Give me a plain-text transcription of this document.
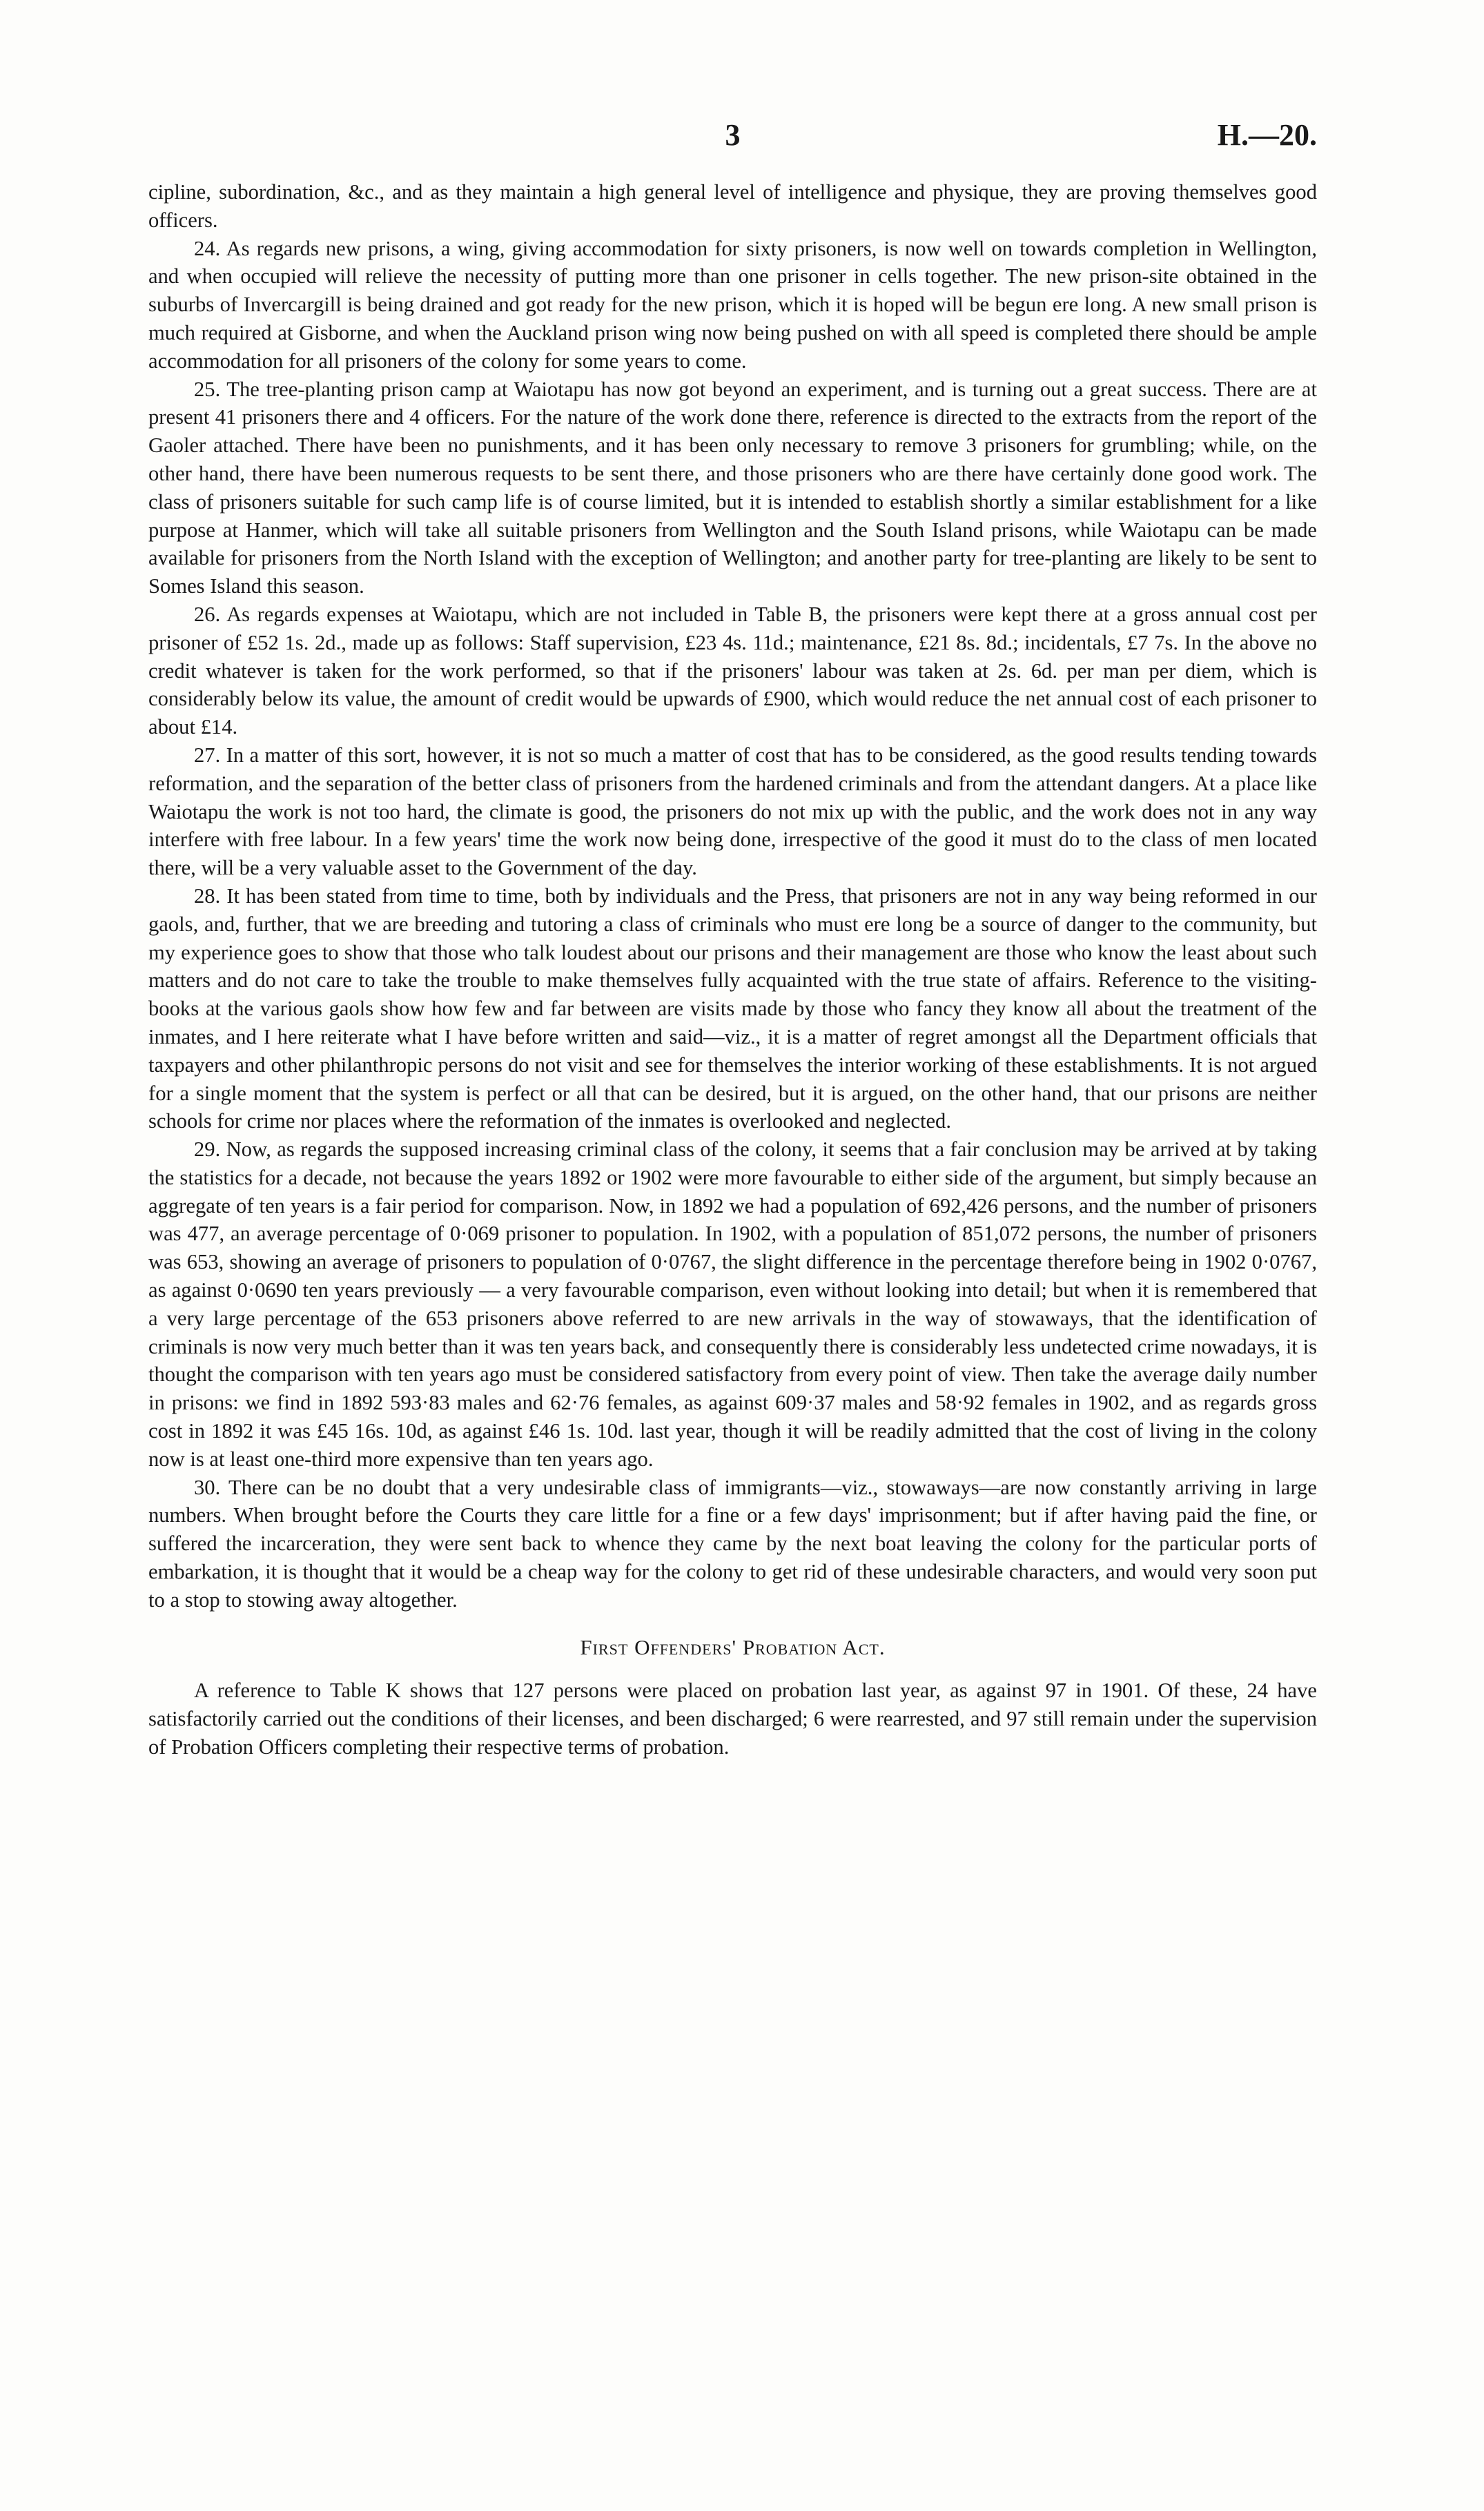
3	H.—20.

cipline, subordination, &c., and as they maintain a high general level of intelligence and physique, they are proving themselves good officers.

24. As regards new prisons, a wing, giving accommodation for sixty prisoners, is now well on towards completion in Wellington, and when occupied will relieve the necessity of putting more than one prisoner in cells together. The new prison-site obtained in the suburbs of Invercargill is being drained and got ready for the new prison, which it is hoped will be begun ere long. A new small prison is much required at Gisborne, and when the Auckland prison wing now being pushed on with all speed is completed there should be ample accommodation for all prisoners of the colony for some years to come.

25. The tree-planting prison camp at Waiotapu has now got beyond an experiment, and is turning out a great success. There are at present 41 prisoners there and 4 officers. For the nature of the work done there, reference is directed to the extracts from the report of the Gaoler attached. There have been no punishments, and it has been only necessary to remove 3 prisoners for grumbling; while, on the other hand, there have been numerous requests to be sent there, and those prisoners who are there have certainly done good work. The class of prisoners suitable for such camp life is of course limited, but it is intended to establish shortly a similar establishment for a like purpose at Hanmer, which will take all suitable prisoners from Wellington and the South Island prisons, while Waiotapu can be made available for prisoners from the North Island with the exception of Wellington; and another party for tree-planting are likely to be sent to Somes Island this season.

26. As regards expenses at Waiotapu, which are not included in Table B, the prisoners were kept there at a gross annual cost per prisoner of £52 1s. 2d., made up as follows: Staff supervision, £23 4s. 11d.; maintenance, £21 8s. 8d.; incidentals, £7 7s. In the above no credit whatever is taken for the work performed, so that if the prisoners' labour was taken at 2s. 6d. per man per diem, which is considerably below its value, the amount of credit would be upwards of £900, which would reduce the net annual cost of each prisoner to about £14.

27. In a matter of this sort, however, it is not so much a matter of cost that has to be considered, as the good results tending towards reformation, and the separation of the better class of prisoners from the hardened criminals and from the attendant dangers. At a place like Waiotapu the work is not too hard, the climate is good, the prisoners do not mix up with the public, and the work does not in any way interfere with free labour. In a few years' time the work now being done, irrespective of the good it must do to the class of men located there, will be a very valuable asset to the Government of the day.

28. It has been stated from time to time, both by individuals and the Press, that prisoners are not in any way being reformed in our gaols, and, further, that we are breeding and tutoring a class of criminals who must ere long be a source of danger to the community, but my experience goes to show that those who talk loudest about our prisons and their management are those who know the least about such matters and do not care to take the trouble to make themselves fully acquainted with the true state of affairs. Reference to the visiting-books at the various gaols show how few and far between are visits made by those who fancy they know all about the treatment of the inmates, and I here reiterate what I have before written and said—viz., it is a matter of regret amongst all the Department officials that taxpayers and other philanthropic persons do not visit and see for themselves the interior working of these establishments. It is not argued for a single moment that the system is perfect or all that can be desired, but it is argued, on the other hand, that our prisons are neither schools for crime nor places where the reformation of the inmates is overlooked and neglected.

29. Now, as regards the supposed increasing criminal class of the colony, it seems that a fair conclusion may be arrived at by taking the statistics for a decade, not because the years 1892 or 1902 were more favourable to either side of the argument, but simply because an aggregate of ten years is a fair period for comparison. Now, in 1892 we had a population of 692,426 persons, and the number of prisoners was 477, an average percentage of 0·069 prisoner to population. In 1902, with a population of 851,072 persons, the number of prisoners was 653, showing an average of prisoners to population of 0·0767, the slight difference in the percentage therefore being in 1902 0·0767, as against 0·0690 ten years previously — a very favourable comparison, even without looking into detail; but when it is remembered that a very large percentage of the 653 prisoners above referred to are new arrivals in the way of stowaways, that the identification of criminals is now very much better than it was ten years back, and consequently there is considerably less undetected crime nowadays, it is thought the comparison with ten years ago must be considered satisfactory from every point of view. Then take the average daily number in prisons: we find in 1892 593·83 males and 62·76 females, as against 609·37 males and 58·92 females in 1902, and as regards gross cost in 1892 it was £45 16s. 10d, as against £46 1s. 10d. last year, though it will be readily admitted that the cost of living in the colony now is at least one-third more expensive than ten years ago.

30. There can be no doubt that a very undesirable class of immigrants—viz., stowaways—are now constantly arriving in large numbers. When brought before the Courts they care little for a fine or a few days' imprisonment; but if after having paid the fine, or suffered the incarceration, they were sent back to whence they came by the next boat leaving the colony for the particular ports of embarkation, it is thought that it would be a cheap way for the colony to get rid of these undesirable characters, and would very soon put to a stop to stowing away altogether.

First Offenders' Probation Act.

A reference to Table K shows that 127 persons were placed on probation last year, as against 97 in 1901. Of these, 24 have satisfactorily carried out the conditions of their licenses, and been discharged; 6 were rearrested, and 97 still remain under the supervision of Probation Officers completing their respective terms of probation.
